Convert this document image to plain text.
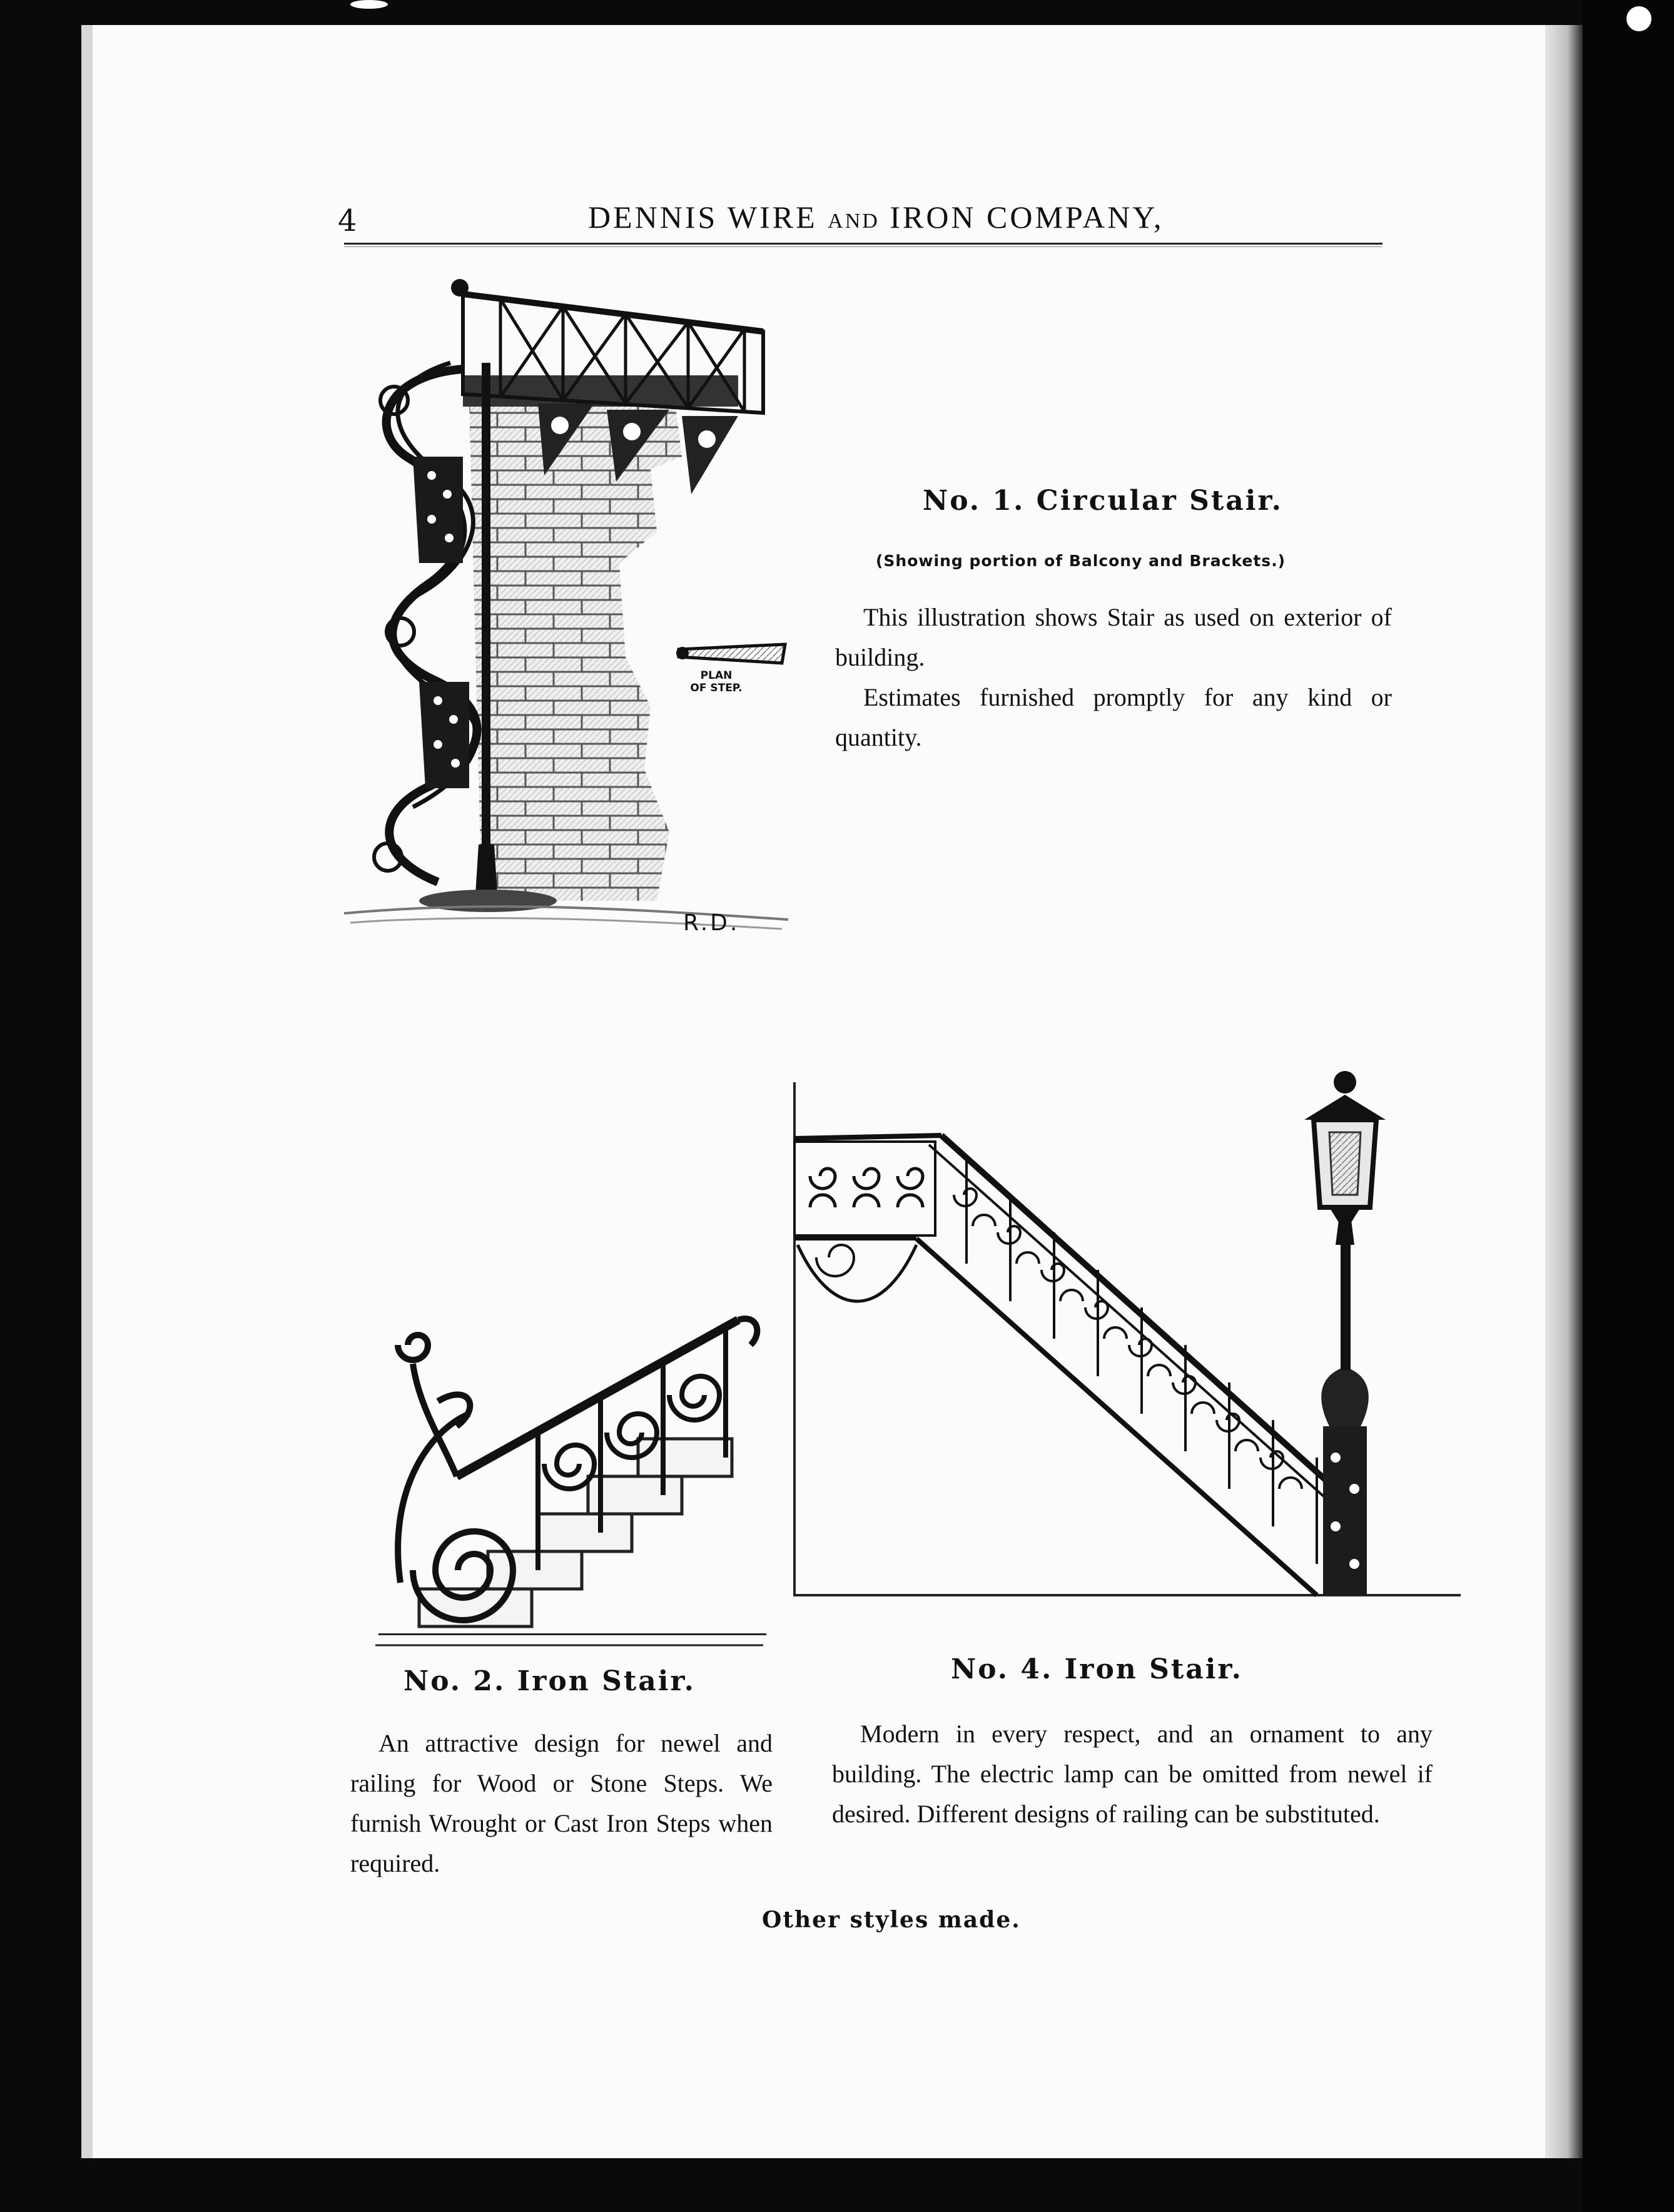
4	DENNIS WIRE AND IRON COMPANY,
PLAN
OF STEP.
R.D.
No. 1. Circular Stair.
(Showing portion of Balcony and Brackets.)

This illustration shows Stair as used on exterior of building.

Estimates furnished promptly for any kind or quantity.

No. 2. Iron Stair.

An attractive design for newel and railing for Wood or Stone Steps. We furnish Wrought or Cast Iron Steps when required.

No. 4. Iron Stair.

Modern in every respect, and an ornament to any building. The electric lamp can be omitted from newel if desired. Different designs of railing can be substituted.

Other styles made.
